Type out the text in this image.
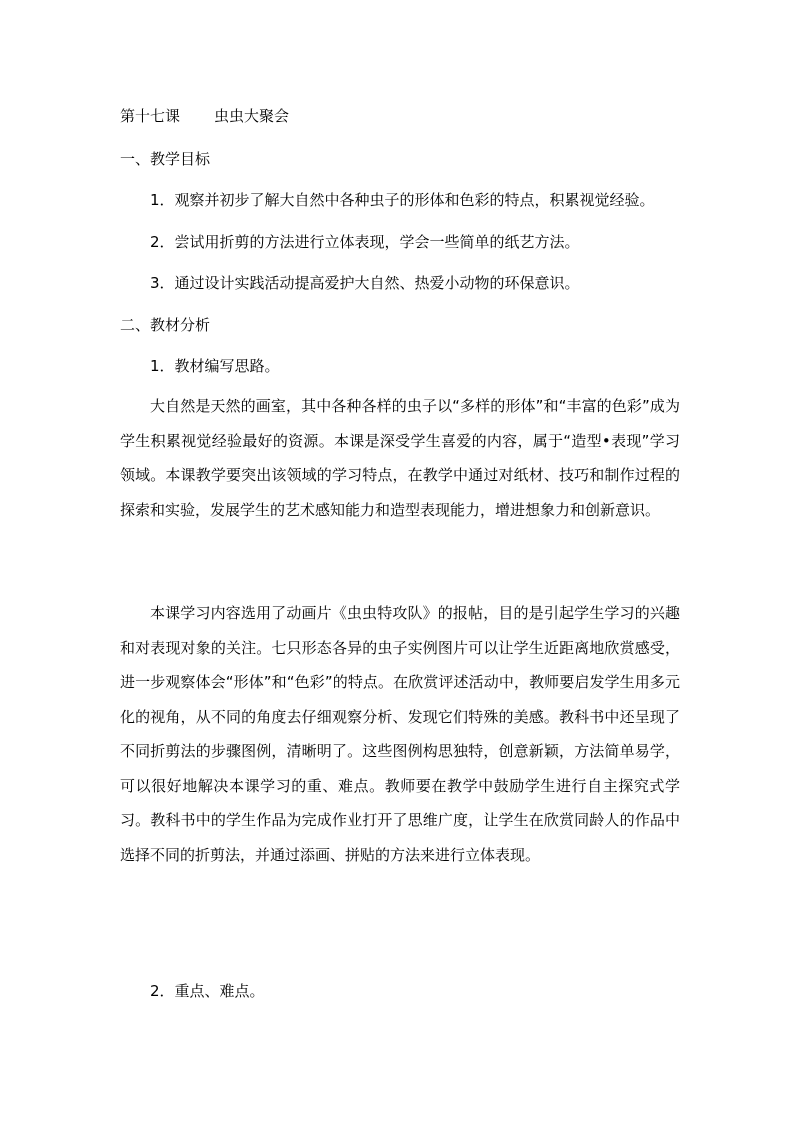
第十七课 虫虫大聚会
一、教学目标
1．观察并初步了解大自然中各种虫子的形体和色彩的特点，积累视觉经验。
2．尝试用折剪的方法进行立体表现，学会一些简单的纸艺方法。
3．通过设计实践活动提高爱护大自然、热爱小动物的环保意识。
二、教材分析
1．教材编写思路。
大自然是天然的画室，其中各种各样的虫子以“多样的形体”和“丰富的色彩”成为学生积累视觉经验最好的资源。本课是深受学生喜爱的内容，属于“造型•表现”学习领域。本课教学要突出该领域的学习特点，在教学中通过对纸材、技巧和制作过程的探索和实验，发展学生的艺术感知能力和造型表现能力，增进想象力和创新意识。
本课学习内容选用了动画片《虫虫特攻队》的报帖，目的是引起学生学习的兴趣和对表现对象的关注。七只形态各异的虫子实例图片可以让学生近距离地欣赏感受，进一步观察体会“形体”和“色彩”的特点。在欣赏评述活动中，教师要启发学生用多元化的视角，从不同的角度去仔细观察分析、发现它们特殊的美感。教科书中还呈现了不同折剪法的步骤图例，清晰明了。这些图例构思独特，创意新颖，方法简单易学，可以很好地解决本课学习的重、难点。教师要在教学中鼓励学生进行自主探究式学习。教科书中的学生作品为完成作业打开了思维广度，让学生在欣赏同龄人的作品中选择不同的折剪法，并通过添画、拼贴的方法来进行立体表现。
2．重点、难点。
